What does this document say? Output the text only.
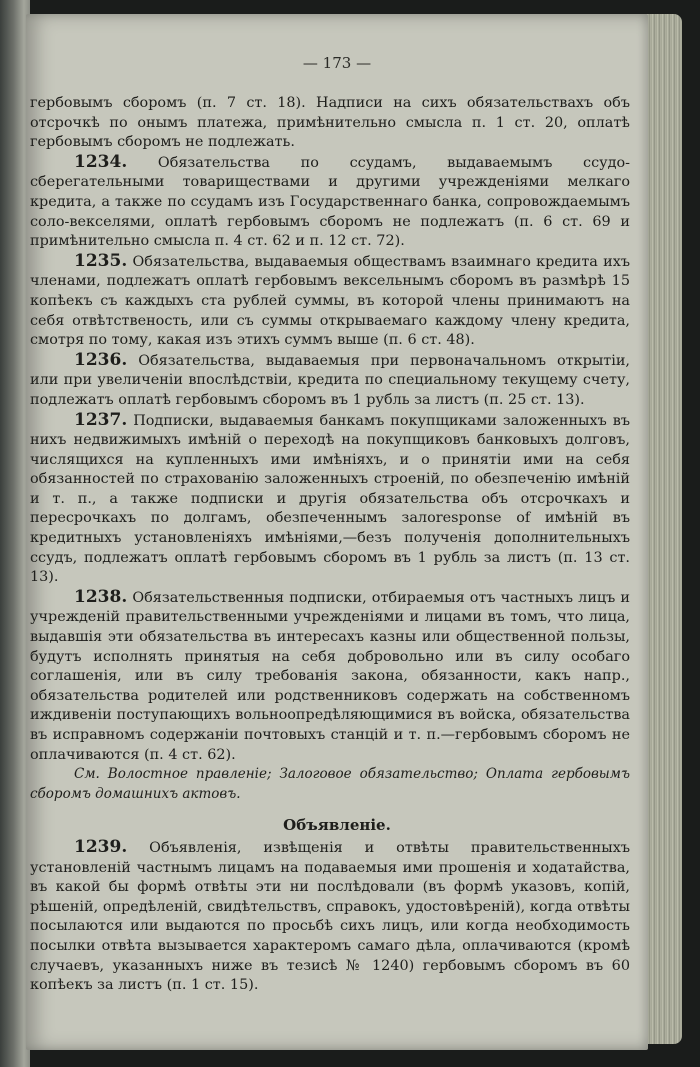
— 173 —

гербовымъ сборомъ (п. 7 ст. 18). Надписи на сихъ обязательствахъ объ отсрочкѣ по онымъ платежа, примѣнительно смысла п. 1 ст. 20, оплатѣ гербовымъ сборомъ не подлежать.

1234. Обязательства по ссудамъ, выдаваемымъ ссудо-сберегательными товариществами и другими учрежденiями мелкаго кредита, а также по ссудамъ изъ Государственнаго банка, сопровождаемымъ соло-векселями, оплатѣ гербовымъ сборомъ не подлежатъ (п. 6 ст. 69 и примѣнительно смысла п. 4 ст. 62 и п. 12 ст. 72).

1235. Обязательства, выдаваемыя обществамъ взаимнаго кредита ихъ членами, подлежатъ оплатѣ гербовымъ вексельнымъ сборомъ въ размѣрѣ 15 копѣекъ съ каждыхъ ста рублей суммы, въ которой члены принимаютъ на себя отвѣтственость, или съ суммы открываемаго каждому члену кредита, смотря по тому, какая изъ этихъ суммъ выше (п. 6 ст. 48).

1236. Обязательства, выдаваемыя при первоначальномъ открытiи, или при увеличенiи впослѣдствiи, кредита по специальному текущему счету, подлежатъ оплатѣ гербовымъ сборомъ въ 1 рубль за листъ (п. 25 ст. 13).

1237. Подписки, выдаваемыя банкамъ покупщиками заложенныхъ въ нихъ недвижимыхъ имѣнiй о переходѣ на покупщиковъ банковыхъ долговъ, числящихся на купленныхъ ими имѣнiяхъ, и о принятiи ими на себя обязанностей по страхованiю заложенныхъ строенiй, по обезпеченiю имѣнiй и т. п., а также подписки и другiя обязательства объ отсрочкахъ и пересрочкахъ по долгамъ, обезпеченнымъ залоresponse of имѣнiй въ кредитныхъ установленiяхъ имѣнiями,—безъ полученiя дополнительныхъ ссудъ, подлежатъ оплатѣ гербовымъ сборомъ въ 1 рубль за листъ (п. 13 ст. 13).

1238. Обязательственныя подписки, отбираемыя отъ частныхъ лицъ и учрежденiй правительственными учрежденiями и лицами въ томъ, что лица, выдавшiя эти обязательства въ интересахъ казны или общественной пользы, будутъ исполнять принятыя на себя добровольно или въ силу особаго соглашенiя, или въ силу требованiя закона, обязанности, какъ напр., обязательства родителей или родственниковъ содержать на собственномъ иждивенiи поступающихъ вольноопредѣляющимися въ войска, обязательства въ исправномъ содержанiи почтовыхъ станцiй и т. п.—гербовымъ сборомъ не оплачиваются (п. 4 ст. 62).

См. Волостное правленiе; Залоговое обязательство; Оплата гербовымъ сборомъ домашнихъ актовъ.

Объявленiе.

1239. Объявленiя, извѣщенiя и отвѣты правительственныхъ установленiй частнымъ лицамъ на подаваемыя ими прошенiя и ходатайства, въ какой бы формѣ отвѣты эти ни послѣдовали (въ формѣ указовъ, копiй, рѣшенiй, опредѣленiй, свидѣтельствъ, справокъ, удостовѣренiй), когда отвѣты посылаются или выдаются по просьбѣ сихъ лицъ, или когда необходимость посылки отвѣта вызывается характеромъ самаго дѣла, оплачиваются (кромѣ случаевъ, указанныхъ ниже въ тезисѣ № 1240) гербовымъ сборомъ въ 60 копѣекъ за листъ (п. 1 ст. 15).
